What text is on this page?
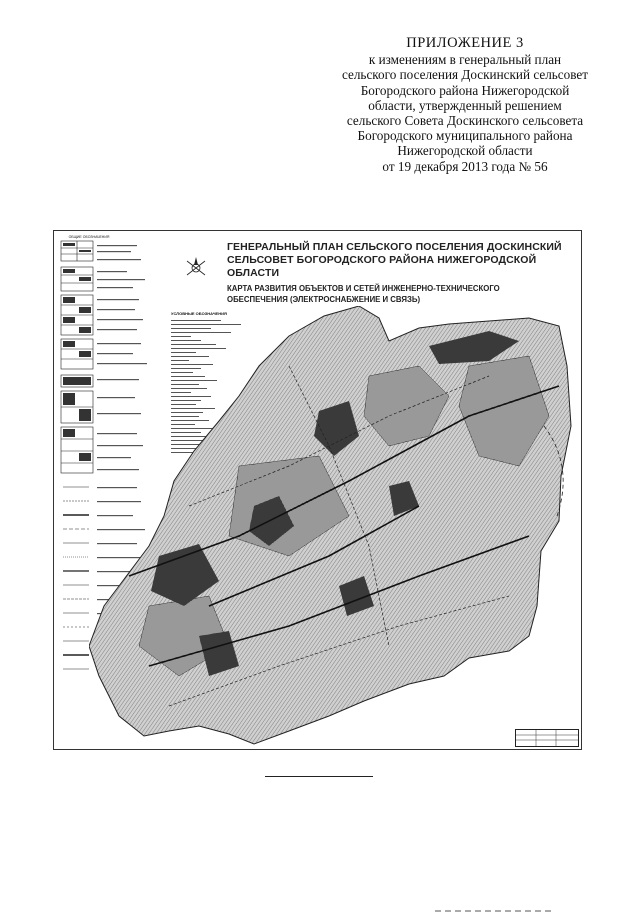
ПРИЛОЖЕНИЕ 3
к изменениям в генеральный план
сельского поселения Доскинский сельсовет
Богородского района Нижегородской
области, утвержденный решением
сельского Совета Доскинского сельсовета
Богородского муниципального района
Нижегородской области
от 19 декабря 2013 года № 56
ОБЩИЕ ОБОЗНАЧЕНИЯ
ГЕНЕРАЛЬНЫЙ ПЛАН СЕЛЬСКОГО ПОСЕЛЕНИЯ ДОСКИНСКИЙ
СЕЛЬСОВЕТ БОГОРОДСКОГО РАЙОНА НИЖЕГОРОДСКОЙ ОБЛАСТИ
КАРТА РАЗВИТИЯ ОБЪЕКТОВ И СЕТЕЙ ИНЖЕНЕРНО-ТЕХНИЧЕСКОГО
ОБЕСПЕЧЕНИЯ (ЭЛЕКТРОСНАБЖЕНИЕ И СВЯЗЬ)
УСЛОВНЫЕ ОБОЗНАЧЕНИЯ
